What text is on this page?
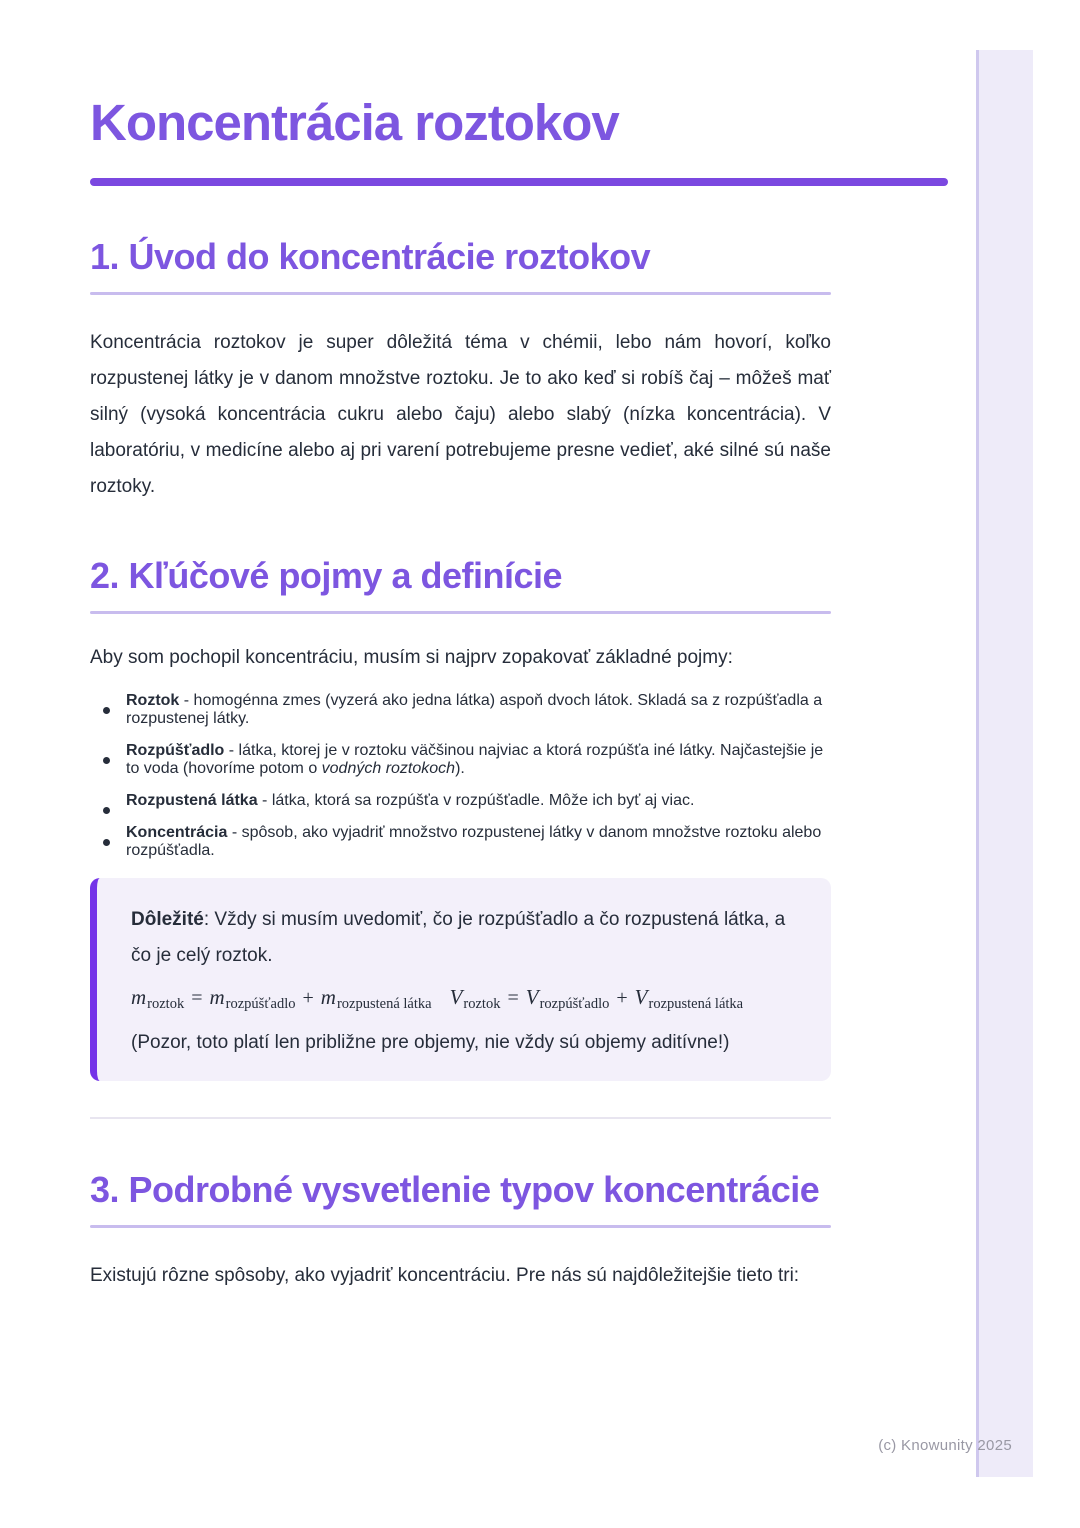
Koncentrácia roztokov
1. Úvod do koncentrácie roztokov

Koncentrácia roztokov je super dôležitá téma v chémii, lebo nám hovorí, koľko rozpustenej látky je v danom množstve roztoku. Je to ako keď si robíš čaj – môžeš mať silný (vysoká koncentrácia cukru alebo čaju) alebo slabý (nízka koncentrácia). V laboratóriu, v medicíne alebo aj pri varení potrebujeme presne vedieť, aké silné sú naše roztoky.

2. Kľúčové pojmy a definície

Aby som pochopil koncentráciu, musím si najprv zopakovať základné pojmy:

Roztok - homogénna zmes (vyzerá ako jedna látka) aspoň dvoch látok. Skladá sa z rozpúšťadla a rozpustenej látky.
Rozpúšťadlo - látka, ktorej je v roztoku väčšinou najviac a ktorá rozpúšťa iné látky. Najčastejšie je to voda (hovoríme potom o vodných roztokoch).
Rozpustená látka - látka, ktorá sa rozpúšťa v rozpúšťadle. Môže ich byť aj viac.
Koncentrácia - spôsob, ako vyjadriť množstvo rozpustenej látky v danom množstve roztoku alebo rozpúšťadla.

Dôležité: Vždy si musím uvedomiť, čo je rozpúšťadlo a čo rozpustená látka, a čo je celý roztok.

mroztok = mrozpúšťadlo + mrozpustená látka Vroztok = Vrozpúšťadlo + Vrozpustená látka

(Pozor, toto platí len približne pre objemy, nie vždy sú objemy aditívne!)

3. Podrobné vysvetlenie typov koncentrácie

Existujú rôzne spôsoby, ako vyjadriť koncentráciu. Pre nás sú najdôležitejšie tieto tri:

(c) Knowunity 2025
